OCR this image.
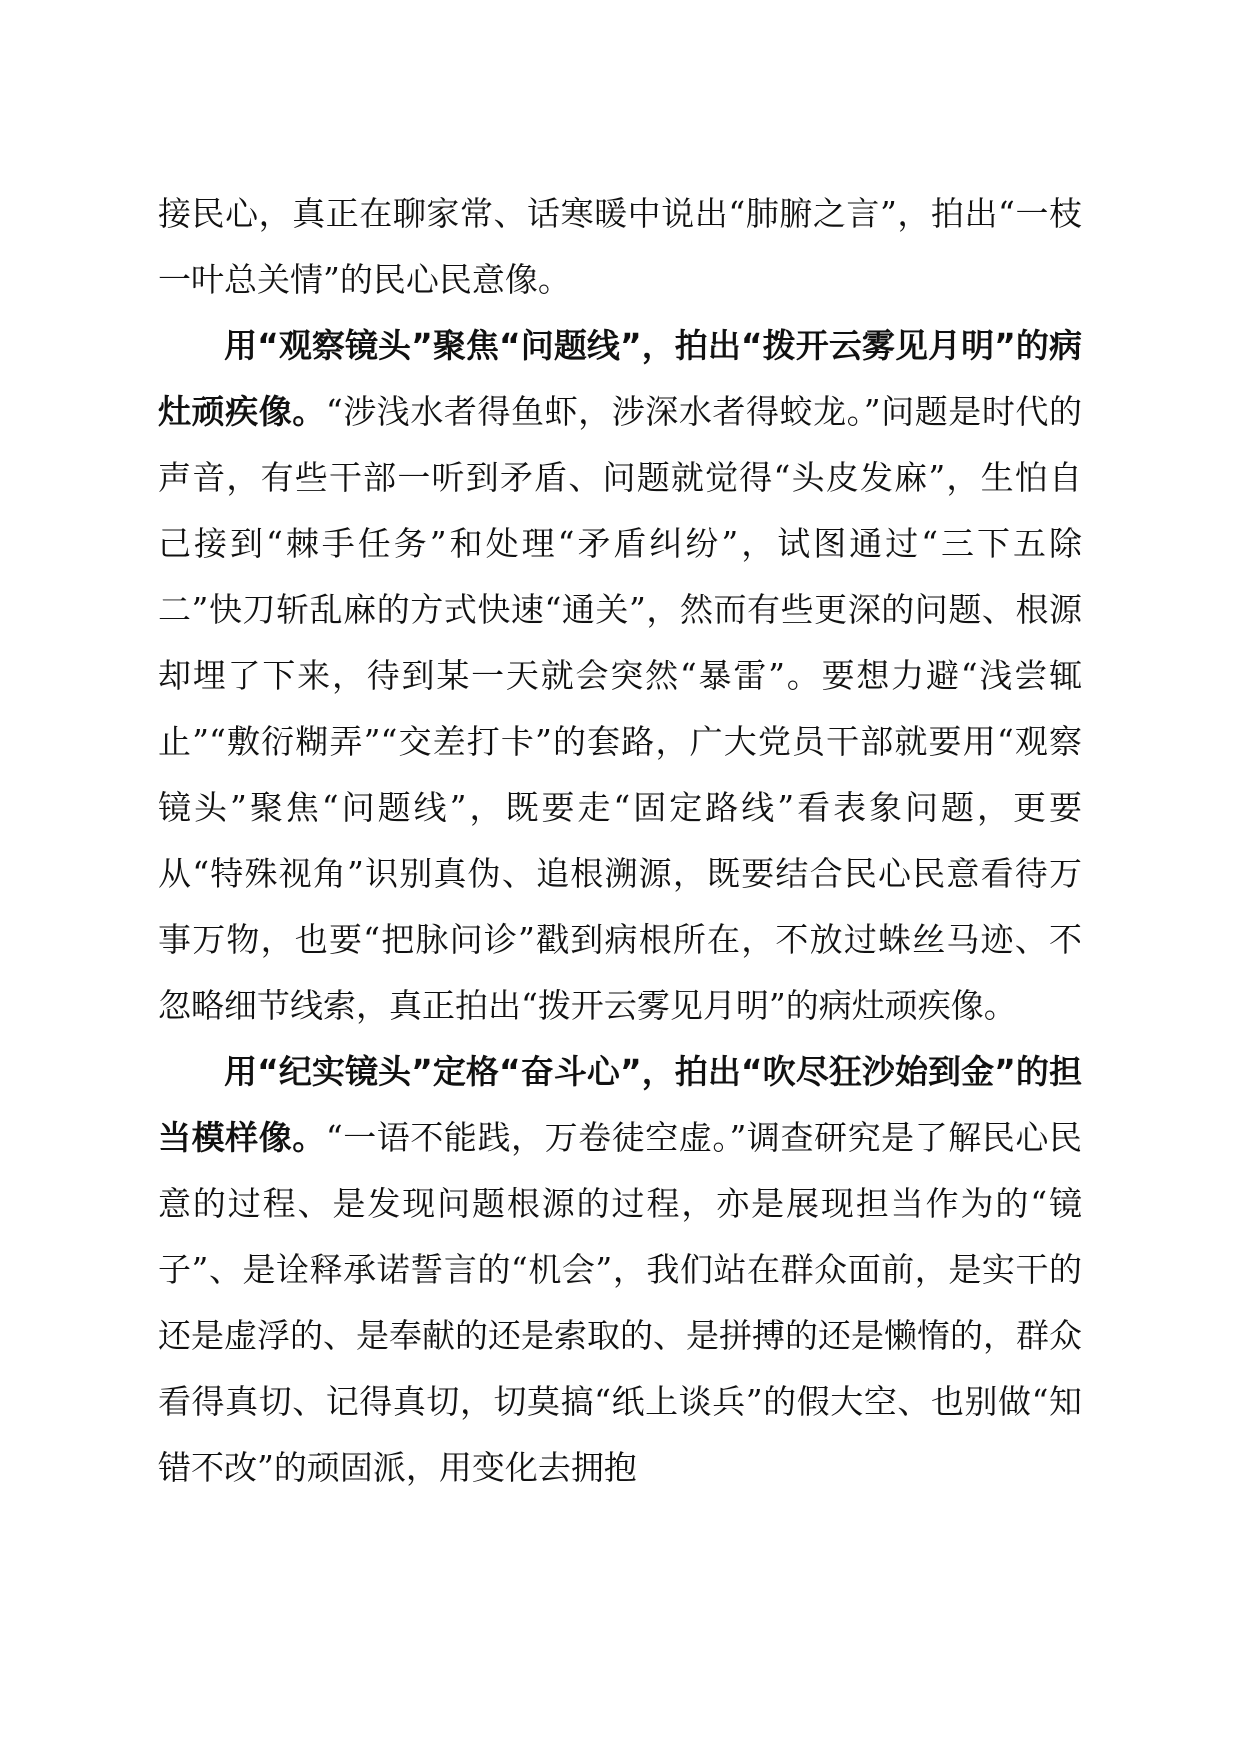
接民心，真正在聊家常、话寒暖中说出“肺腑之言”，拍出“一枝一叶总关情”的民心民意像。

用“观察镜头”聚焦“问题线”，拍出“拨开云雾见月明”的病灶顽疾像。“涉浅水者得鱼虾，涉深水者得蛟龙。”问题是时代的声音，有些干部一听到矛盾、问题就觉得“头皮发麻”，生怕自己接到“棘手任务”和处理“矛盾纠纷”，试图通过“三下五除二”快刀斩乱麻的方式快速“通关”，然而有些更深的问题、根源却埋了下来，待到某一天就会突然“暴雷”。要想力避“浅尝辄止”“敷衍糊弄”“交差打卡”的套路，广大党员干部就要用“观察镜头”聚焦“问题线”，既要走“固定路线”看表象问题，更要从“特殊视角”识别真伪、追根溯源，既要结合民心民意看待万事万物，也要“把脉问诊”戳到病根所在，不放过蛛丝马迹、不忽略细节线索，真正拍出“拨开云雾见月明”的病灶顽疾像。

用“纪实镜头”定格“奋斗心”，拍出“吹尽狂沙始到金”的担当模样像。“一语不能践，万卷徒空虚。”调查研究是了解民心民意的过程、是发现问题根源的过程，亦是展现担当作为的“镜子”、是诠释承诺誓言的“机会”，我们站在群众面前，是实干的还是虚浮的、是奉献的还是索取的、是拼搏的还是懒惰的，群众看得真切、记得真切，切莫搞“纸上谈兵”的假大空、也别做“知错不改”的顽固派，用变化去拥抱
